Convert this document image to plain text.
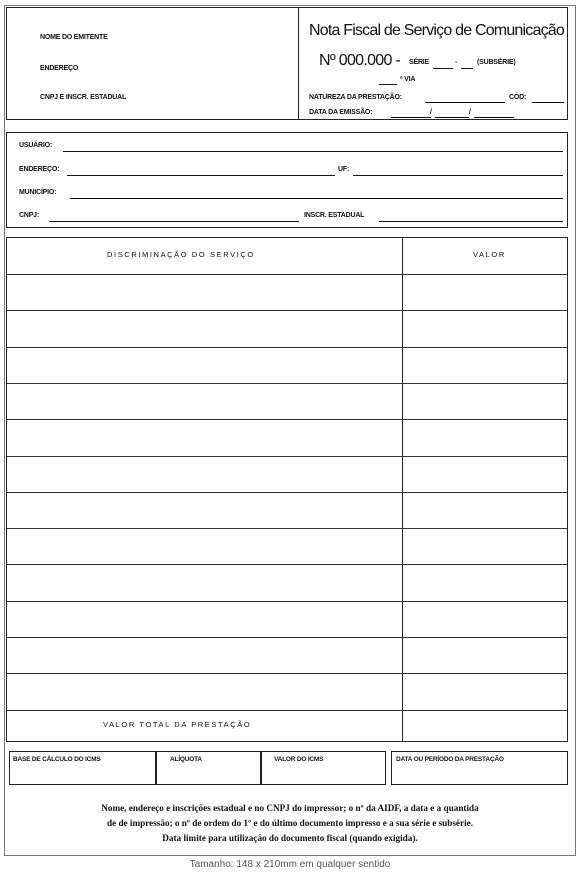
NOME DO EMITENTE
ENDEREÇO
CNPJ E INSCR. ESTADUAL
Nota Fiscal de Serviço de Comunicação
Nº 000.000 - SÉRIE	-	(SUBSÉRIE)
ª VIA
NATUREZA DA PRESTAÇÃO:	CÓD:
DATA DA EMISSÃO:	/	/
USUÁRIO:
ENDEREÇO:	UF:
MUNICÍPIO:
CNPJ:	INSCR. ESTADUAL
DISCRIMINAÇÃO DO SERVIÇO	VALOR
VALOR TOTAL DA PRESTAÇÃO
BASE DE CÁLCULO DO ICMS	ALÍQUOTA	VALOR DO ICMS	DATA OU PERÍODO DA PRESTAÇÃO
Nome, endereço e inscrições estadual e no CNPJ do impressor; o nº da AIDF, a data e a quantida
de de impressão; o nº de ordem do 1º e do último documento impresso e a sua série e subsérie.
Data limite para utilização do documento fiscal (quando exigida).
Tamanho: 148 x 210mm em qualquer sentido
